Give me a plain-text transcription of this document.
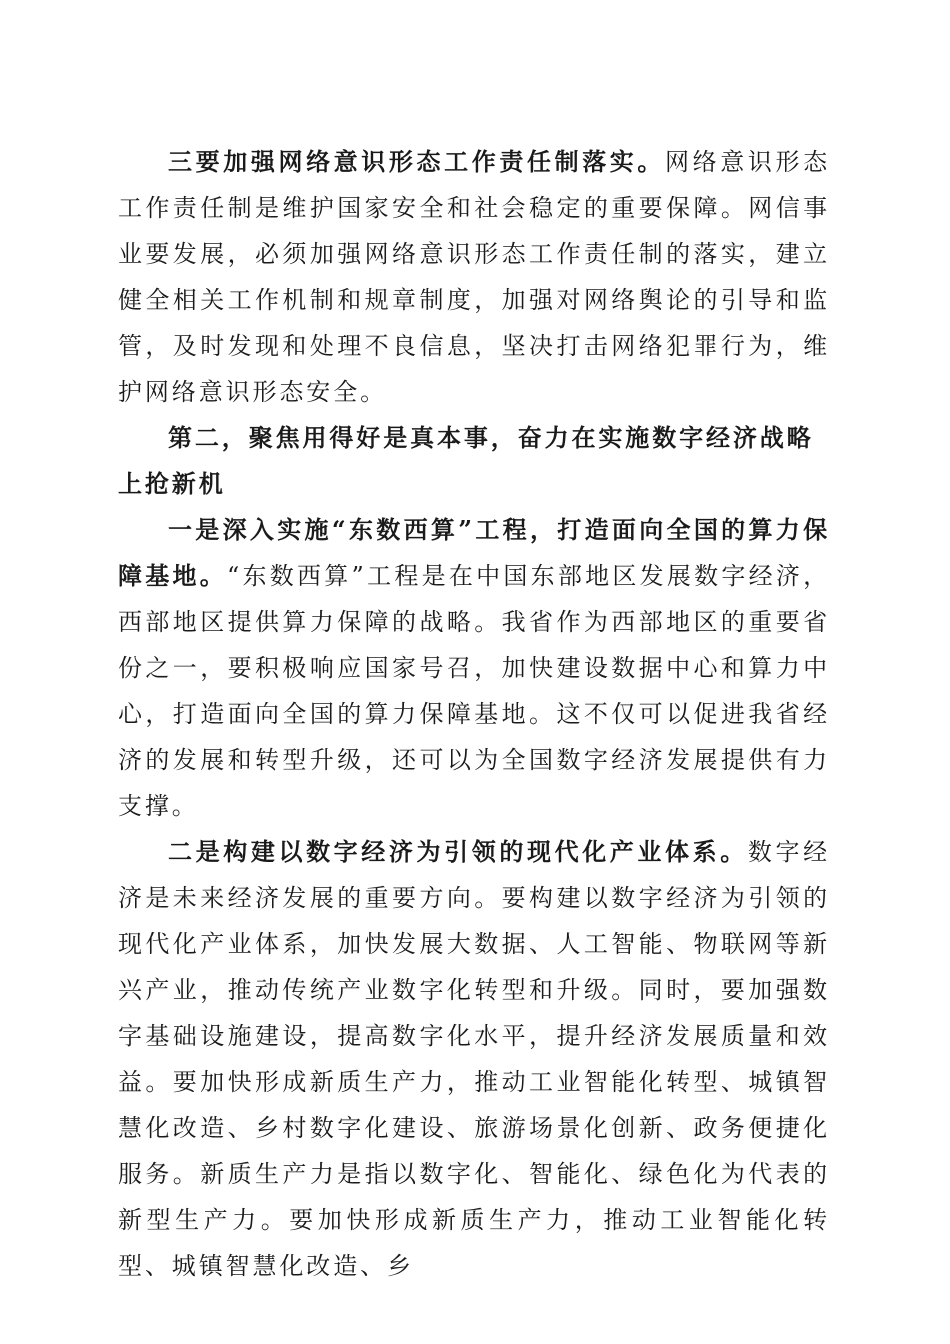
三要加强网络意识形态工作责任制落实。网络意识形态工作责任制是维护国家安全和社会稳定的重要保障。网信事业要发展，必须加强网络意识形态工作责任制的落实，建立健全相关工作机制和规章制度，加强对网络舆论的引导和监管，及时发现和处理不良信息，坚决打击网络犯罪行为，维护网络意识形态安全。

第二，聚焦用得好是真本事，奋力在实施数字经济战略上抢新机

一是深入实施“东数西算”工程，打造面向全国的算力保障基地。“东数西算”工程是在中国东部地区发展数字经济，西部地区提供算力保障的战略。我省作为西部地区的重要省份之一，要积极响应国家号召，加快建设数据中心和算力中心，打造面向全国的算力保障基地。这不仅可以促进我省经济的发展和转型升级，还可以为全国数字经济发展提供有力支撑。

二是构建以数字经济为引领的现代化产业体系。数字经济是未来经济发展的重要方向。要构建以数字经济为引领的现代化产业体系，加快发展大数据、人工智能、物联网等新兴产业，推动传统产业数字化转型和升级。同时，要加强数字基础设施建设，提高数字化水平，提升经济发展质量和效益。要加快形成新质生产力，推动工业智能化转型、城镇智慧化改造、乡村数字化建设、旅游场景化创新、政务便捷化服务。新质生产力是指以数字化、智能化、绿色化为代表的新型生产力。要加快形成新质生产力，推动工业智能化转型、城镇智慧化改造、乡
